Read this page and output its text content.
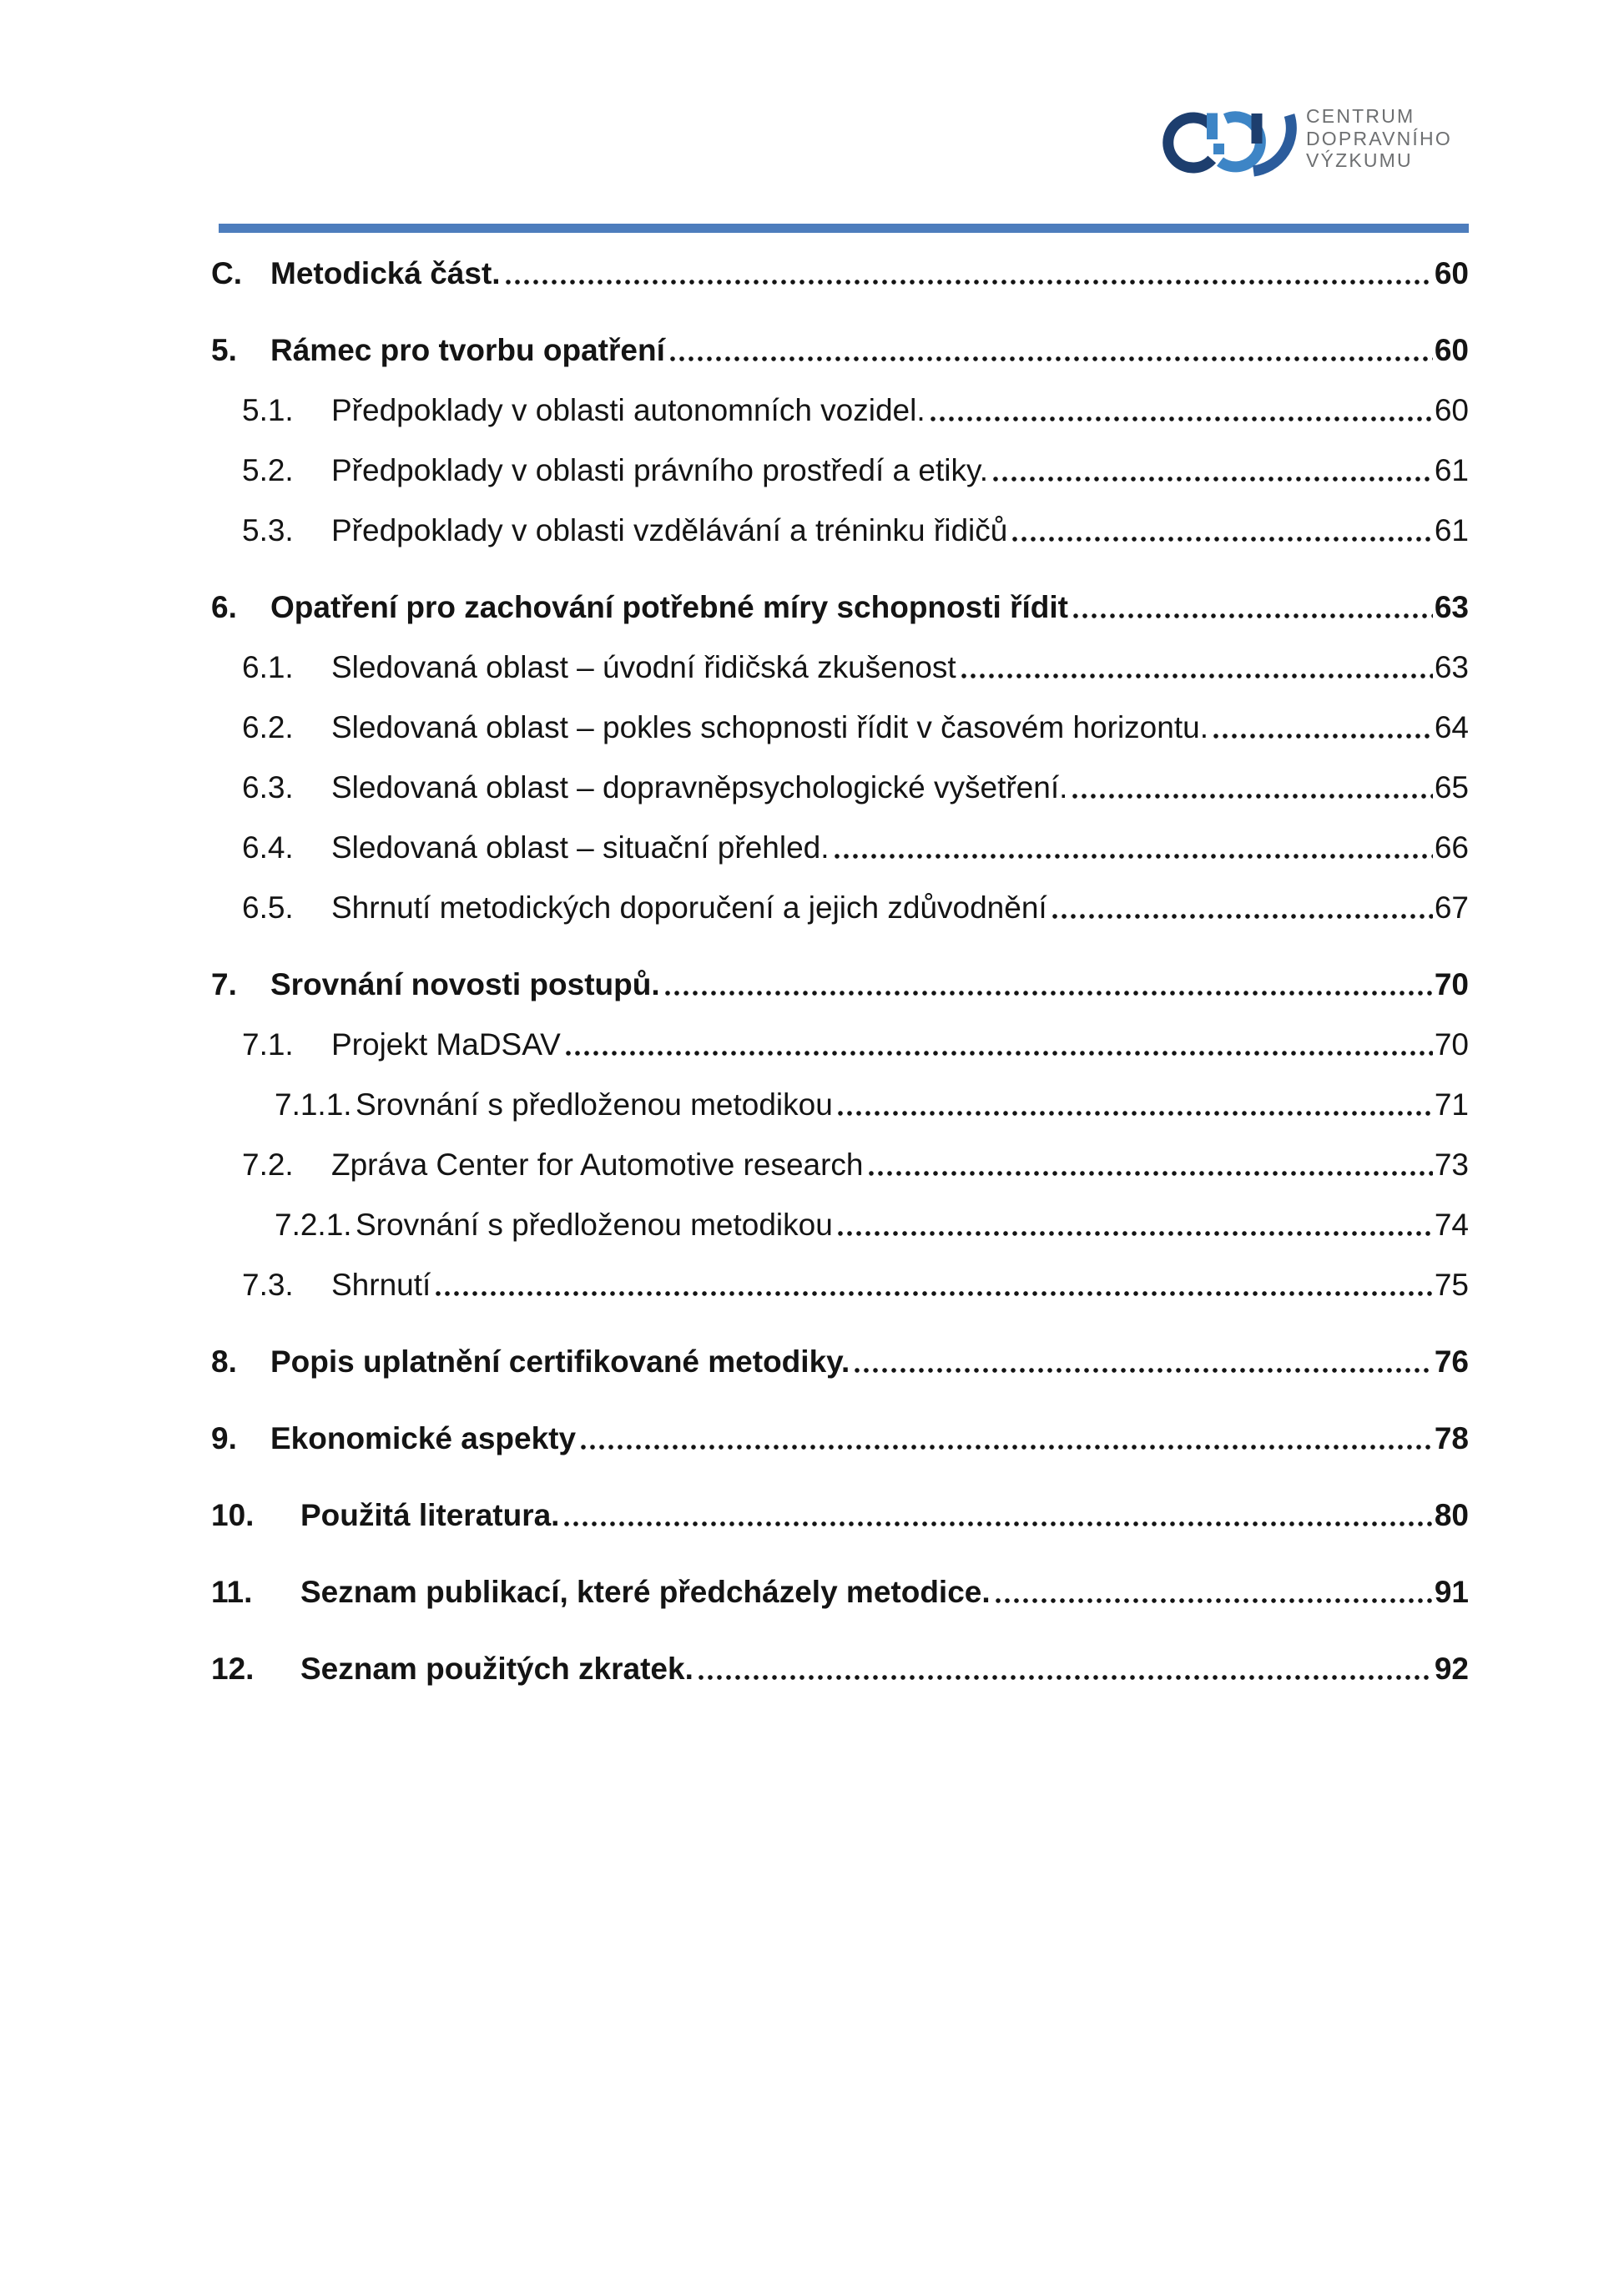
CENTRUM
DOPRAVNÍHO
VÝZKUMU
C. Metodická část.	60
5.	Rámec pro tvorbu opatření	60
5.1.	Předpoklady v oblasti autonomních vozidel.	60
5.2.	Předpoklady v oblasti právního prostředí a etiky.	61
5.3.	Předpoklady v oblasti vzdělávání a tréninku řidičů	61
6.	Opatření pro zachování potřebné míry schopnosti řídit	63
6.1.	Sledovaná oblast – úvodní řidičská zkušenost	63
6.2.	Sledovaná oblast – pokles schopnosti řídit v časovém horizontu.	64
6.3.	Sledovaná oblast – dopravněpsychologické vyšetření.	65
6.4.	Sledovaná oblast – situační přehled.	66
6.5.	Shrnutí metodických doporučení a jejich zdůvodnění	67
7.	Srovnání novosti postupů.	70
7.1.	Projekt MaDSAV	70
7.1.1. Srovnání s předloženou metodikou	71
7.2.	Zpráva Center for Automotive research	73
7.2.1. Srovnání s předloženou metodikou	74
7.3.	Shrnutí	75
8.	Popis uplatnění certifikované metodiky.	76
9.	Ekonomické aspekty	78
10.	Použitá literatura.	80
11.	Seznam publikací, které předcházely metodice.	91
12.	Seznam použitých zkratek.	92
